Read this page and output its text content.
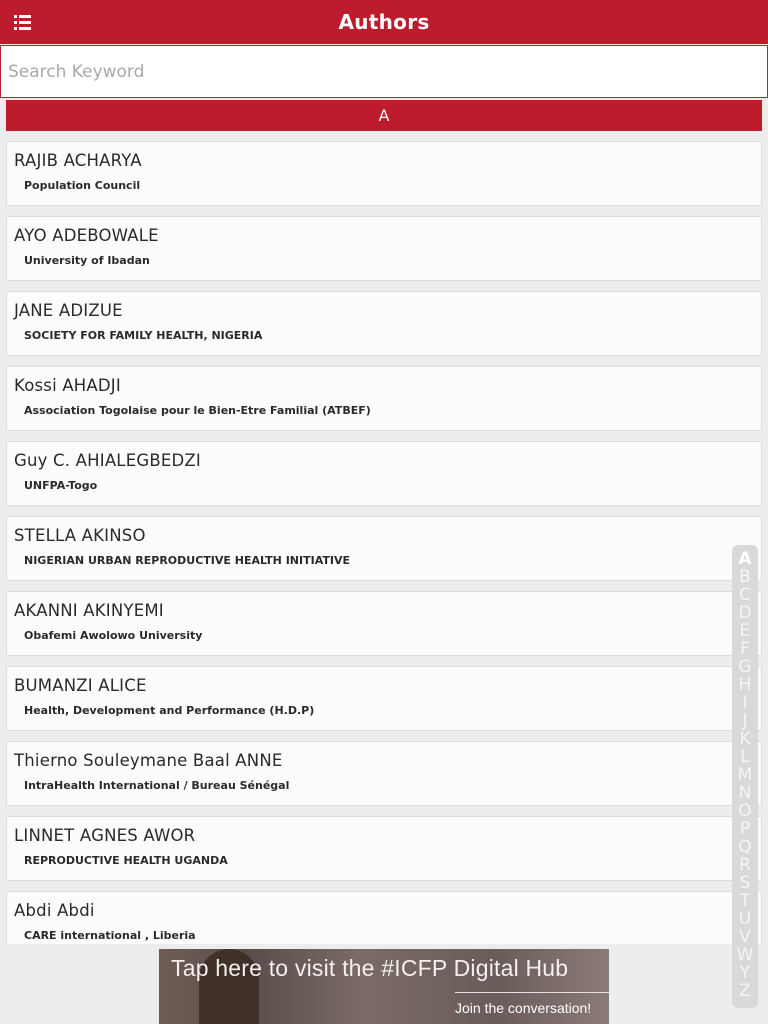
Authors
Search Keyword
A
RAJIB ACHARYA
Population Council
AYO ADEBOWALE
University of Ibadan
JANE ADIZUE
SOCIETY FOR FAMILY HEALTH, NIGERIA
Kossi AHADJI
Association Togolaise pour le Bien-Etre Familial (ATBEF)
Guy C. AHIALEGBEDZI
UNFPA-Togo
STELLA AKINSO
NIGERIAN URBAN REPRODUCTIVE HEALTH INITIATIVE
AKANNI AKINYEMI
Obafemi Awolowo University
BUMANZI ALICE
Health, Development and Performance (H.D.P)
Thierno Souleymane Baal ANNE
IntraHealth International / Bureau Sénégal
LINNET AGNES AWOR
REPRODUCTIVE HEALTH UGANDA
Abdi Abdi
CARE international , Liberia
A
B
C
D
E
F
G
H
I
J
K
L
M
N
O
P
Q
R
S
T
U
V
W
Y
Z
Tap here to visit the #ICFP Digital Hub
Join the conversation!
